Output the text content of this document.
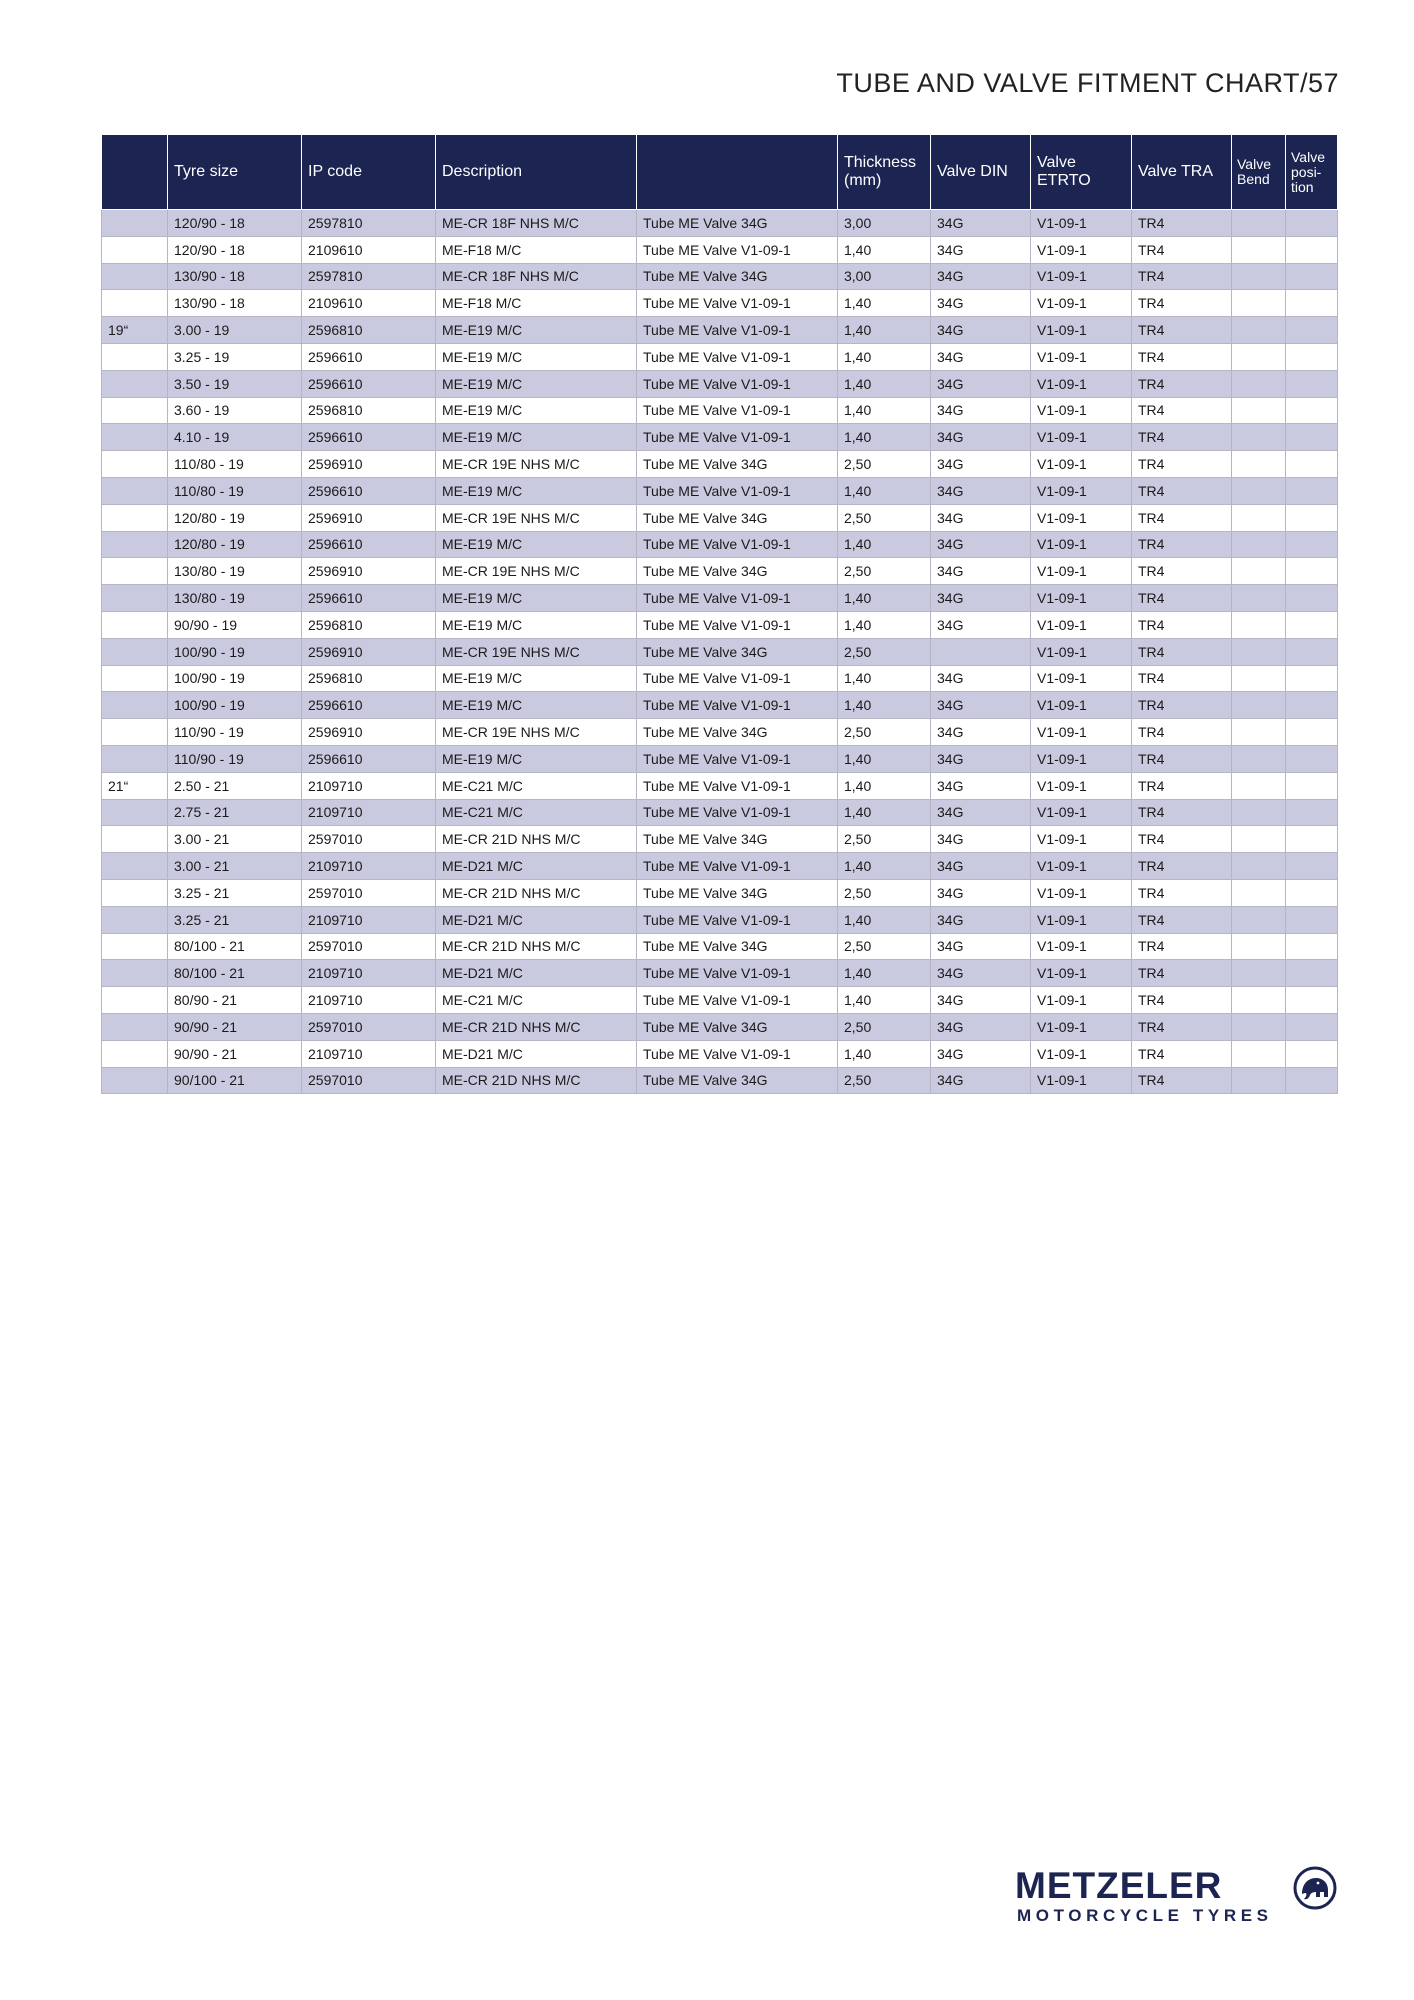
TUBE AND VALVE FITMENT CHART/57
	Tyre size	IP code	Description		Thickness (mm)	Valve DIN	Valve ETRTO	Valve TRA	Valve Bend	Valve posi-tion
	120/90 - 18	2597810	ME-CR 18F NHS M/C	Tube ME Valve 34G	3,00	34G	V1-09-1	TR4		
	120/90 - 18	2109610	ME-F18 M/C	Tube ME Valve V1-09-1	1,40	34G	V1-09-1	TR4		
	130/90 - 18	2597810	ME-CR 18F NHS M/C	Tube ME Valve 34G	3,00	34G	V1-09-1	TR4		
	130/90 - 18	2109610	ME-F18 M/C	Tube ME Valve V1-09-1	1,40	34G	V1-09-1	TR4		
19“	3.00 - 19	2596810	ME-E19 M/C	Tube ME Valve V1-09-1	1,40	34G	V1-09-1	TR4		
	3.25 - 19	2596610	ME-E19 M/C	Tube ME Valve V1-09-1	1,40	34G	V1-09-1	TR4		
	3.50 - 19	2596610	ME-E19 M/C	Tube ME Valve V1-09-1	1,40	34G	V1-09-1	TR4		
	3.60 - 19	2596810	ME-E19 M/C	Tube ME Valve V1-09-1	1,40	34G	V1-09-1	TR4		
	4.10 - 19	2596610	ME-E19 M/C	Tube ME Valve V1-09-1	1,40	34G	V1-09-1	TR4		
	110/80 - 19	2596910	ME-CR 19E NHS M/C	Tube ME Valve 34G	2,50	34G	V1-09-1	TR4		
	110/80 - 19	2596610	ME-E19 M/C	Tube ME Valve V1-09-1	1,40	34G	V1-09-1	TR4		
	120/80 - 19	2596910	ME-CR 19E NHS M/C	Tube ME Valve 34G	2,50	34G	V1-09-1	TR4		
	120/80 - 19	2596610	ME-E19 M/C	Tube ME Valve V1-09-1	1,40	34G	V1-09-1	TR4		
	130/80 - 19	2596910	ME-CR 19E NHS M/C	Tube ME Valve 34G	2,50	34G	V1-09-1	TR4		
	130/80 - 19	2596610	ME-E19 M/C	Tube ME Valve V1-09-1	1,40	34G	V1-09-1	TR4		
	90/90 - 19	2596810	ME-E19 M/C	Tube ME Valve V1-09-1	1,40	34G	V1-09-1	TR4		
	100/90 - 19	2596910	ME-CR 19E NHS M/C	Tube ME Valve 34G	2,50		V1-09-1	TR4		
	100/90 - 19	2596810	ME-E19 M/C	Tube ME Valve V1-09-1	1,40	34G	V1-09-1	TR4		
	100/90 - 19	2596610	ME-E19 M/C	Tube ME Valve V1-09-1	1,40	34G	V1-09-1	TR4		
	110/90 - 19	2596910	ME-CR 19E NHS M/C	Tube ME Valve 34G	2,50	34G	V1-09-1	TR4		
	110/90 - 19	2596610	ME-E19 M/C	Tube ME Valve V1-09-1	1,40	34G	V1-09-1	TR4		
21“	2.50 - 21	2109710	ME-C21 M/C	Tube ME Valve V1-09-1	1,40	34G	V1-09-1	TR4		
	2.75 - 21	2109710	ME-C21 M/C	Tube ME Valve V1-09-1	1,40	34G	V1-09-1	TR4		
	3.00 - 21	2597010	ME-CR 21D NHS M/C	Tube ME Valve 34G	2,50	34G	V1-09-1	TR4		
	3.00 - 21	2109710	ME-D21 M/C	Tube ME Valve V1-09-1	1,40	34G	V1-09-1	TR4		
	3.25 - 21	2597010	ME-CR 21D NHS M/C	Tube ME Valve 34G	2,50	34G	V1-09-1	TR4		
	3.25 - 21	2109710	ME-D21 M/C	Tube ME Valve V1-09-1	1,40	34G	V1-09-1	TR4		
	80/100 - 21	2597010	ME-CR 21D NHS M/C	Tube ME Valve 34G	2,50	34G	V1-09-1	TR4		
	80/100 - 21	2109710	ME-D21 M/C	Tube ME Valve V1-09-1	1,40	34G	V1-09-1	TR4		
	80/90 - 21	2109710	ME-C21 M/C	Tube ME Valve V1-09-1	1,40	34G	V1-09-1	TR4		
	90/90 - 21	2597010	ME-CR 21D NHS M/C	Tube ME Valve 34G	2,50	34G	V1-09-1	TR4		
	90/90 - 21	2109710	ME-D21 M/C	Tube ME Valve V1-09-1	1,40	34G	V1-09-1	TR4		
	90/100 - 21	2597010	ME-CR 21D NHS M/C	Tube ME Valve 34G	2,50	34G	V1-09-1	TR4		
METZELER
MOTORCYCLE TYRES
